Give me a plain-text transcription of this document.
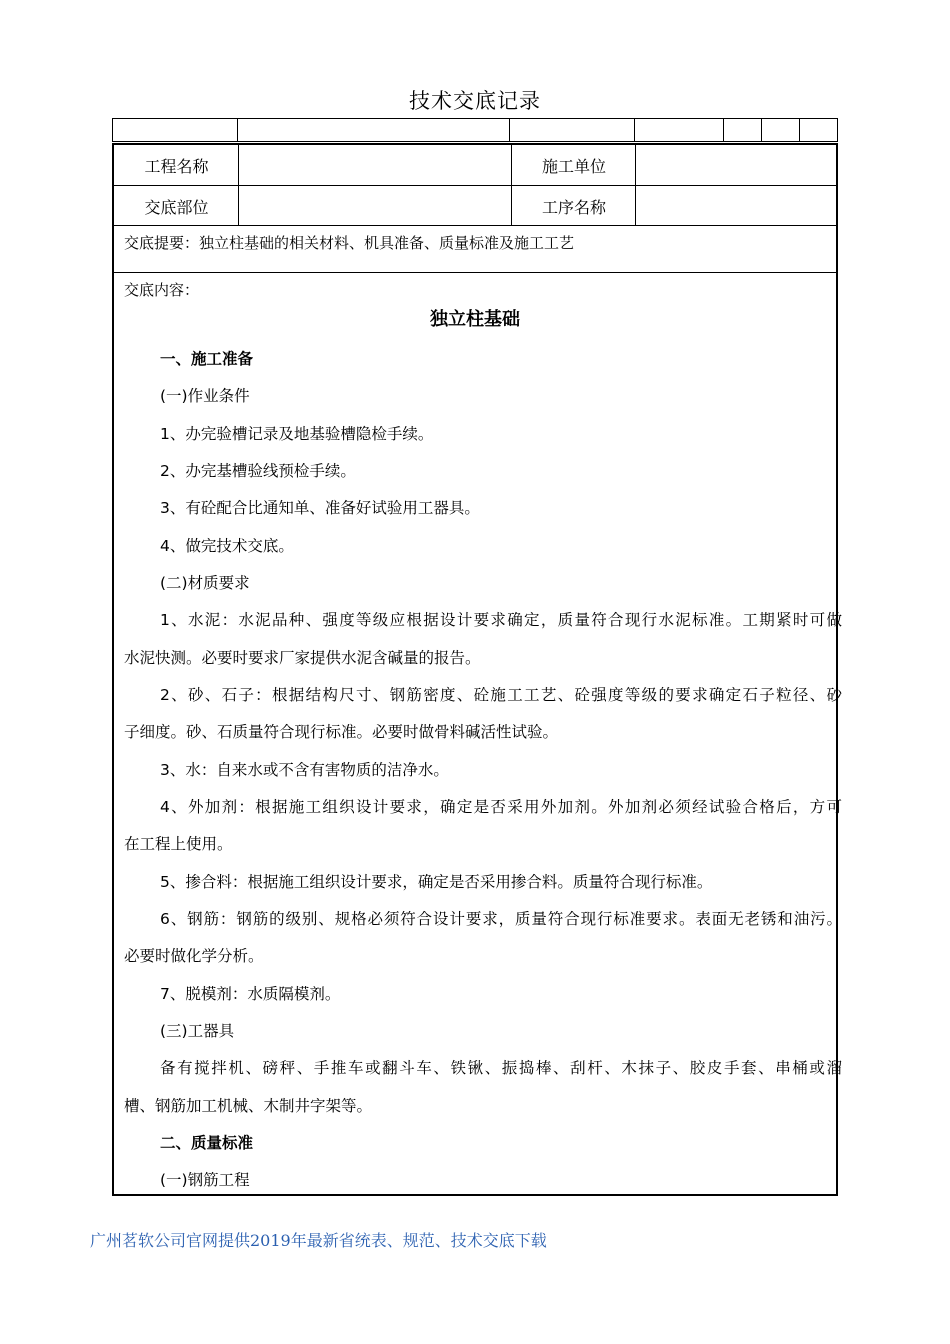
技术交底记录
工程名称	施工单位
交底部位	工序名称
交底提要：独立柱基础的相关材料、机具准备、质量标准及施工工艺
交底内容：
独立柱基础
一、施工准备
(一)作业条件
1、办完验槽记录及地基验槽隐检手续。
2、办完基槽验线预检手续。
3、有砼配合比通知单、准备好试验用工器具。
4、做完技术交底。
(二)材质要求
1、水泥：水泥品种、强度等级应根据设计要求确定，质量符合现行水泥标准。工期紧时可做
水泥快测。必要时要求厂家提供水泥含碱量的报告。
2、砂、石子：根据结构尺寸、钢筋密度、砼施工工艺、砼强度等级的要求确定石子粒径、砂
子细度。砂、石质量符合现行标准。必要时做骨料碱活性试验。
3、水：自来水或不含有害物质的洁净水。
4、外加剂：根据施工组织设计要求，确定是否采用外加剂。外加剂必须经试验合格后，方可
在工程上使用。
5、掺合料：根据施工组织设计要求，确定是否采用掺合料。质量符合现行标准。
6、钢筋：钢筋的级别、规格必须符合设计要求，质量符合现行标准要求。表面无老锈和油污。
必要时做化学分析。
7、脱模剂：水质隔模剂。
(三)工器具
备有搅拌机、磅秤、手推车或翻斗车、铁锹、振捣棒、刮杆、木抹子、胶皮手套、串桶或溜
槽、钢筋加工机械、木制井字架等。
二、质量标准
(一)钢筋工程
广州茗软公司官网提供2019年最新省统表、规范、技术交底下载
